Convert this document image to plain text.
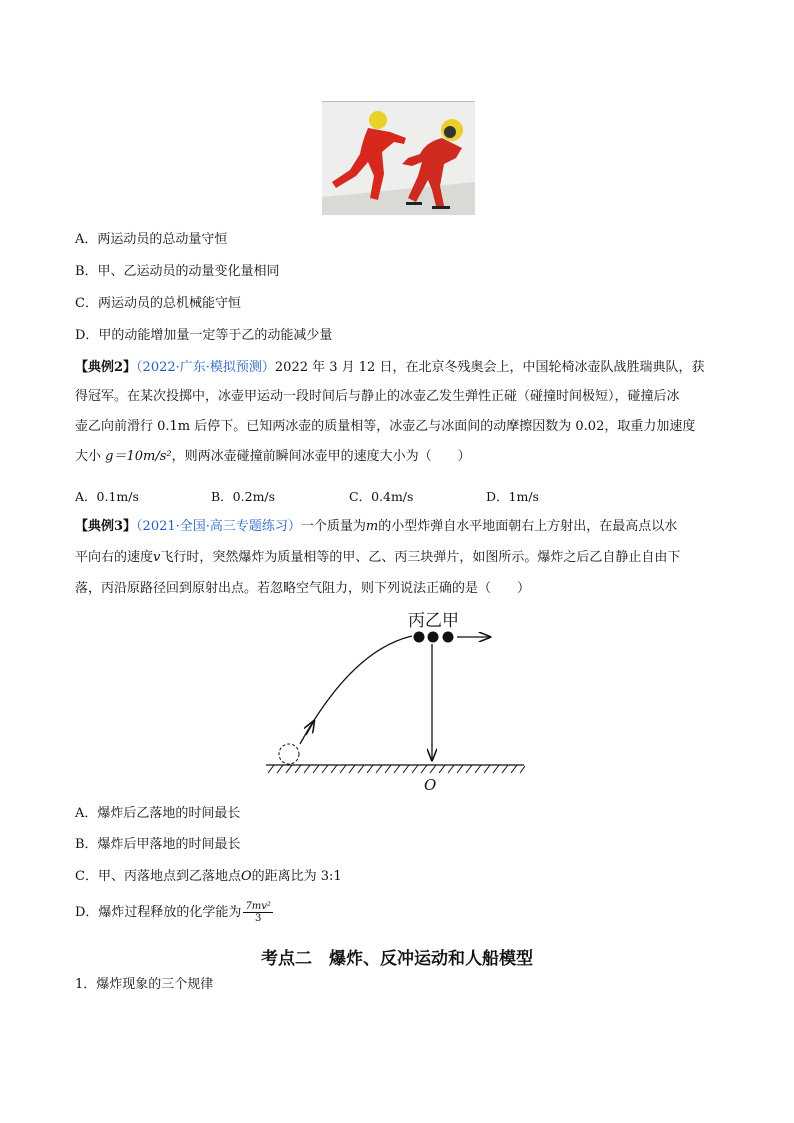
A．两运动员的总动量守恒
B．甲、乙运动员的动量变化量相同
C．两运动员的总机械能守恒
D．甲的动能增加量一定等于乙的动能减少量
【典例2】（2022·广东·模拟预测）2022 年 3 月 12 日，在北京冬残奥会上，中国轮椅冰壶队战胜瑞典队，获
得冠军。在某次投掷中，冰壶甲运动一段时间后与静止的冰壶乙发生弹性正碰（碰撞时间极短），碰撞后冰
壶乙向前滑行 0.1m 后停下。已知两冰壶的质量相等，冰壶乙与冰面间的动摩擦因数为 0.02，取重力加速度
大小 g＝10m/s²，则两冰壶碰撞前瞬间冰壶甲的速度大小为（　　）
A．0.1m/s	B．0.2m/s	C．0.4m/s	D．1m/s
【典例3】（2021·全国·高三专题练习）一个质量为m的小型炸弹自水平地面朝右上方射出，在最高点以水
平向右的速度v飞行时，突然爆炸为质量相等的甲、乙、丙三块弹片，如图所示。爆炸之后乙自静止自由下
落，丙沿原路径回到原射出点。若忽略空气阻力，则下列说法正确的是（　　）
丙乙甲
O
A．爆炸后乙落地的时间最长
B．爆炸后甲落地的时间最长
C．甲、丙落地点到乙落地点O的距离比为 3:1
D．爆炸过程释放的化学能为 $\frac{\text{7mv²}}{3}$
考点二　爆炸、反冲运动和人船模型
1．爆炸现象的三个规律
